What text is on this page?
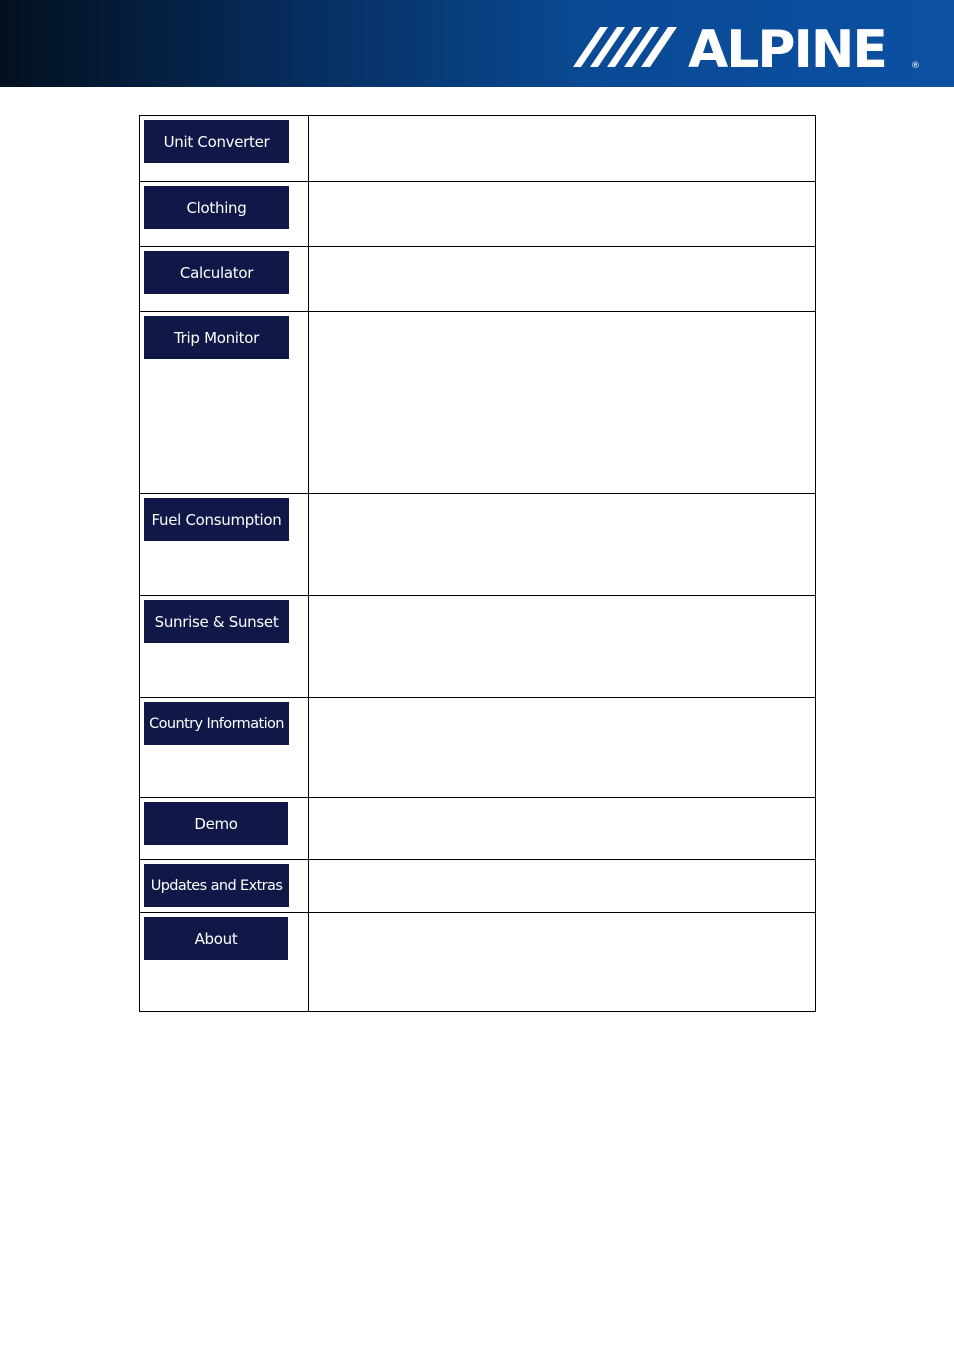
ALPINE	®
Unit Converter	

Clothing	

Calculator	

Trip Monitor	

Fuel Consumption	

Sunrise & Sunset	

Country Information	

Demo	

Updates and Extras	

About	
